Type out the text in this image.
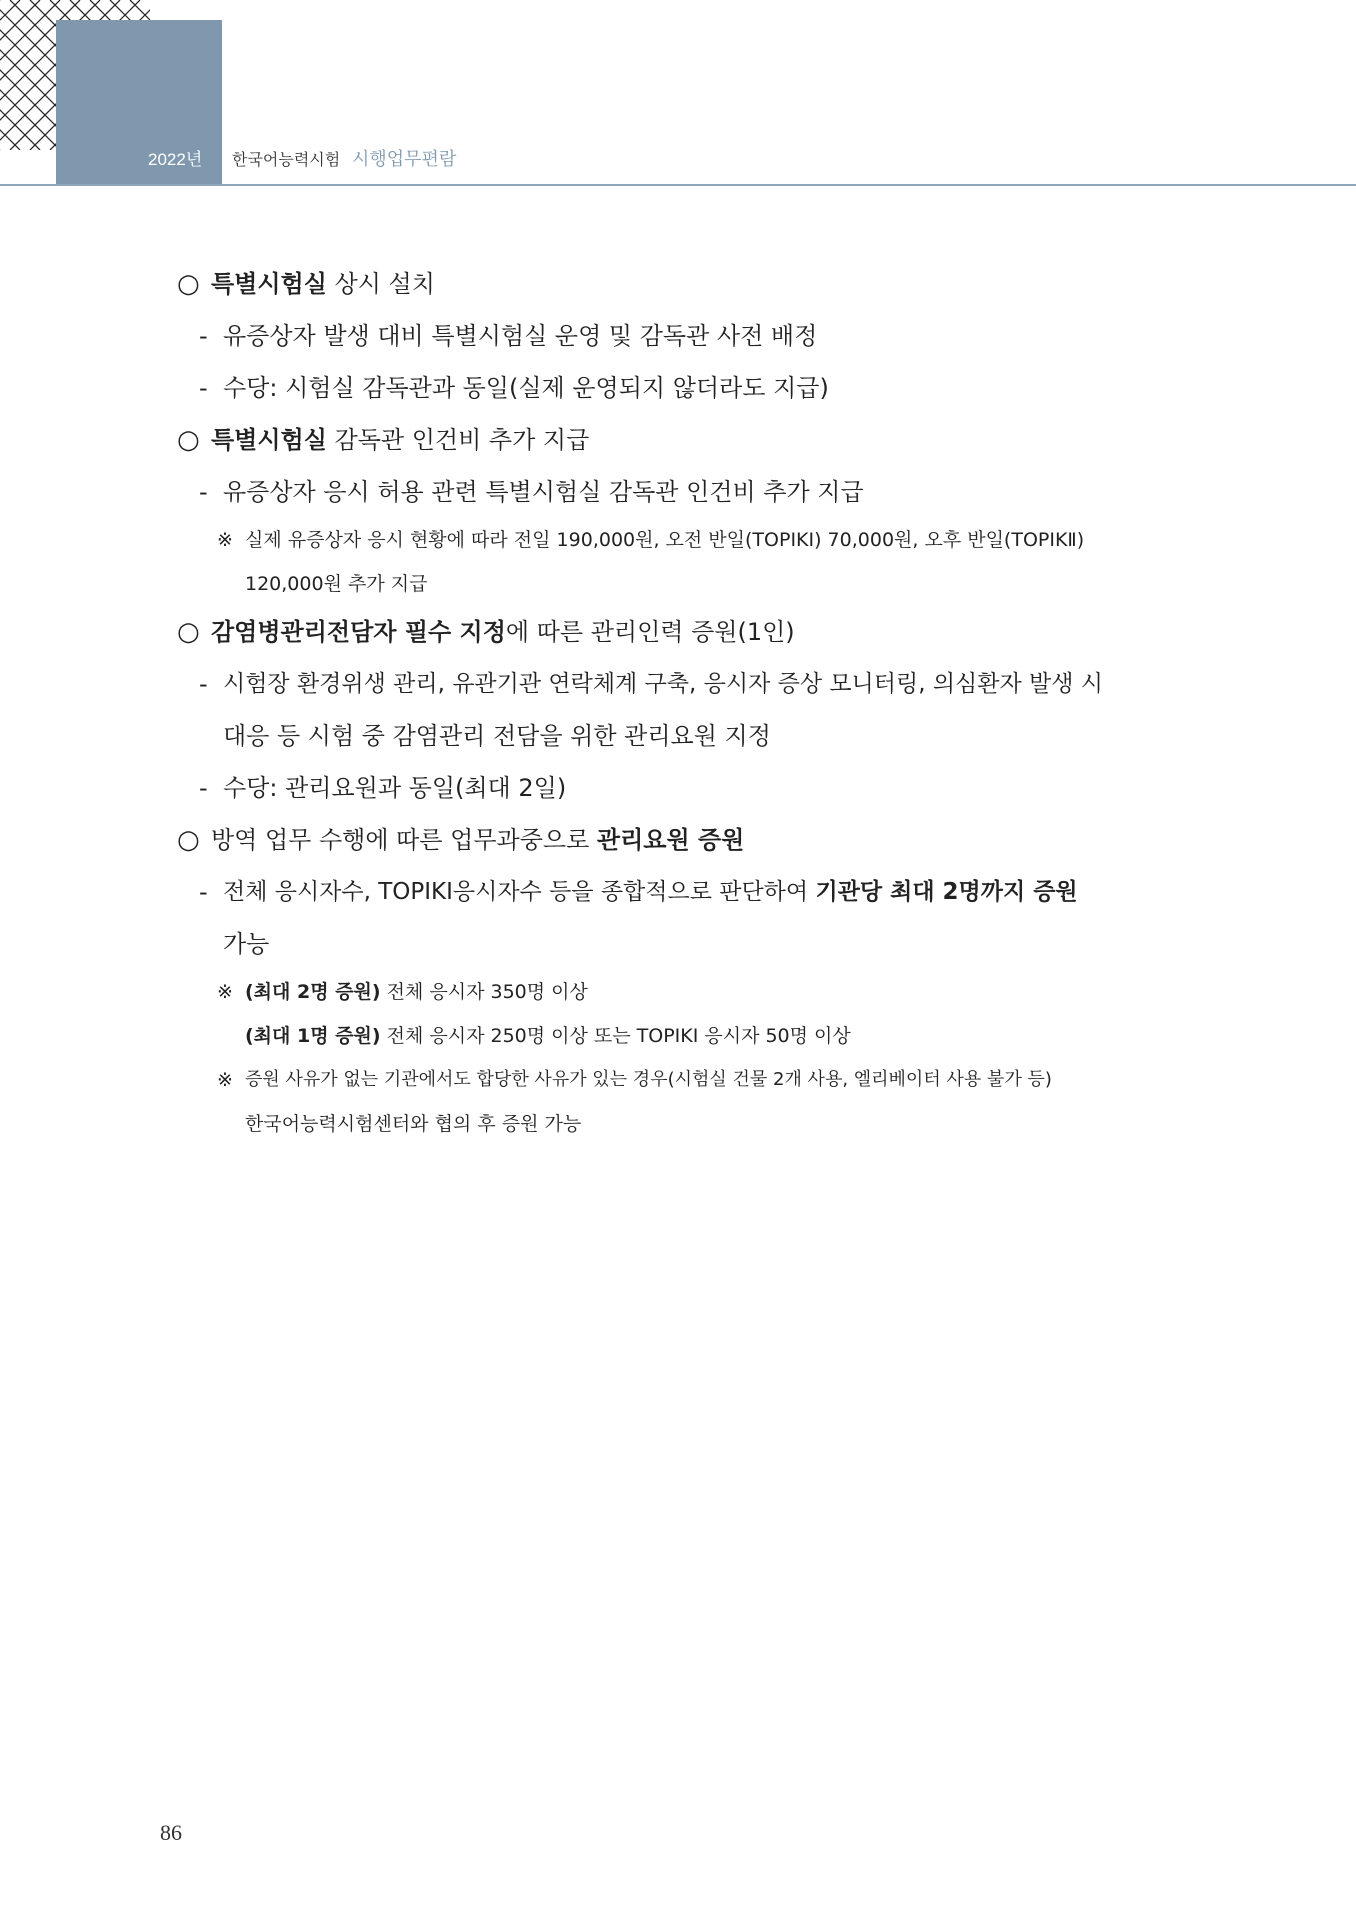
2022년 한국어능력시험 시행업무편람
○ 특별시험실 상시 설치
- 유증상자 발생 대비 특별시험실 운영 및 감독관 사전 배정
- 수당: 시험실 감독관과 동일(실제 운영되지 않더라도 지급)
○ 특별시험실 감독관 인건비 추가 지급
- 유증상자 응시 허용 관련 특별시험실 감독관 인건비 추가 지급
※ 실제 유증상자 응시 현황에 따라 전일 190,000원, 오전 반일(TOPIKⅠ) 70,000원, 오후 반일(TOPIKⅡ)
120,000원 추가 지급
○ 감염병관리전담자 필수 지정에 따른 관리인력 증원(1인)
- 시험장 환경위생 관리, 유관기관 연락체계 구축, 응시자 증상 모니터링, 의심환자 발생 시
대응 등 시험 중 감염관리 전담을 위한 관리요원 지정
- 수당: 관리요원과 동일(최대 2일)
○ 방역 업무 수행에 따른 업무과중으로 관리요원 증원
- 전체 응시자수, TOPIKⅠ응시자수 등을 종합적으로 판단하여 기관당 최대 2명까지 증원
가능
※ (최대 2명 증원) 전체 응시자 350명 이상
(최대 1명 증원) 전체 응시자 250명 이상 또는 TOPIKⅠ 응시자 50명 이상
※ 증원 사유가 없는 기관에서도 합당한 사유가 있는 경우(시험실 건물 2개 사용, 엘리베이터 사용 불가 등)
한국어능력시험센터와 협의 후 증원 가능
86
